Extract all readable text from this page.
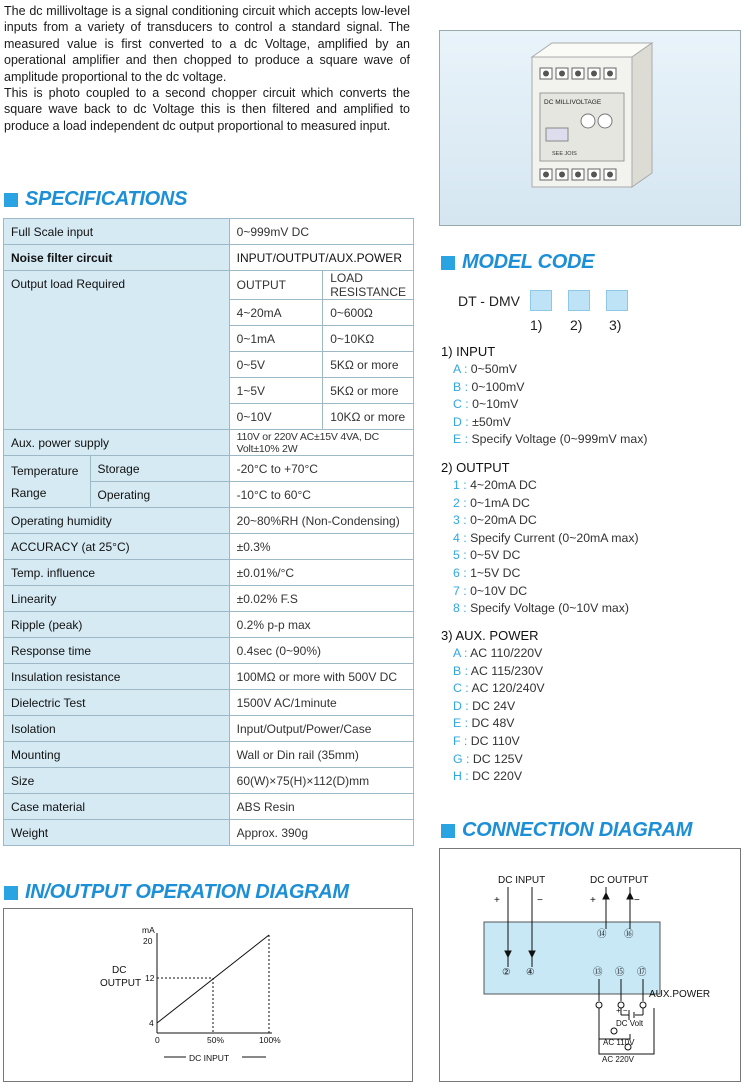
The dc millivoltage is a signal conditioning circuit which accepts low-level inputs from a variety of transducers to control a standard signal. The measured value is first converted to a dc Voltage, amplified by an operational amplifier and then chopped to produce a square wave of amplitude proportional to the dc voltage.

This is photo coupled to a second chopper circuit which converts the square wave back to dc Voltage this is then filtered and amplified to produce a load independent dc output proportional to measured input.

SPECIFICATIONS
Full Scale input		0~999mV DC	
Noise filter circuit		INPUT/OUTPUT/AUX.POWER	
Output load Required		OUTPUT	LOAD RESISTANCE
		4~20mA	0~600Ω
		0~1mA	0~10KΩ
		0~5V	5KΩ or more
		1~5V	5KΩ or more
		0~10V	10KΩ or more
Aux. power supply		110V or 220V AC±15V 4VA, DC Volt±10% 2W	
Temperature
Range	Storage	-20°C to +70°C	
	Operating	-10°C to 60°C	
Operating humidity		20~80%RH (Non-Condensing)	
ACCURACY (at 25°C)		±0.3%	
Temp. influence		±0.01%/°C	
Linearity		±0.02% F.S	
Ripple (peak)		0.2% p-p max	
Response time		0.4sec (0~90%)	
Insulation resistance		100MΩ or more with 500V DC	
Dielectric Test		1500V AC/1minute	
Isolation		Input/Output/Power/Case	
Mounting		Wall or Din rail (35mm)	
Size		60(W)×75(H)×112(D)mm	
Case material		ABS Resin	
Weight		Approx. 390g	
DC MILLIVOLTAGE
SEE JOIS
MODEL CODE
DT - DMV
1) 2) 3)
1) INPUT
A : 0~50mV
B : 0~100mV
C : 0~10mV
D : ±50mV
E : Specify Voltage (0~999mV max)
2) OUTPUT
1 : 4~20mA DC
2 : 0~1mA DC
3 : 0~20mA DC
4 : Specify Current (0~20mA max)
5 : 0~5V DC
6 : 1~5V DC
7 : 0~10V DC
8 : Specify Voltage (0~10V max)
3) AUX. POWER
A : AC 110/220V
B : AC 115/230V
C : AC 120/240V
D : DC 24V
E : DC 48V
F : DC 110V
G : DC 125V
H : DC 220V
CONNECTION DIAGRAM
DC INPUT	DC OUTPUT
+	−	+	−
⑭ ⑯
② ④	⑬ ⑮ ⑰
AUX.POWER
+ −
DC Volt
AC 110V
AC 220V
IN/OUTPUT OPERATION DIAGRAM
mA
DC
OUTPUT
20
12
4
0	50%	100%
DC INPUT
